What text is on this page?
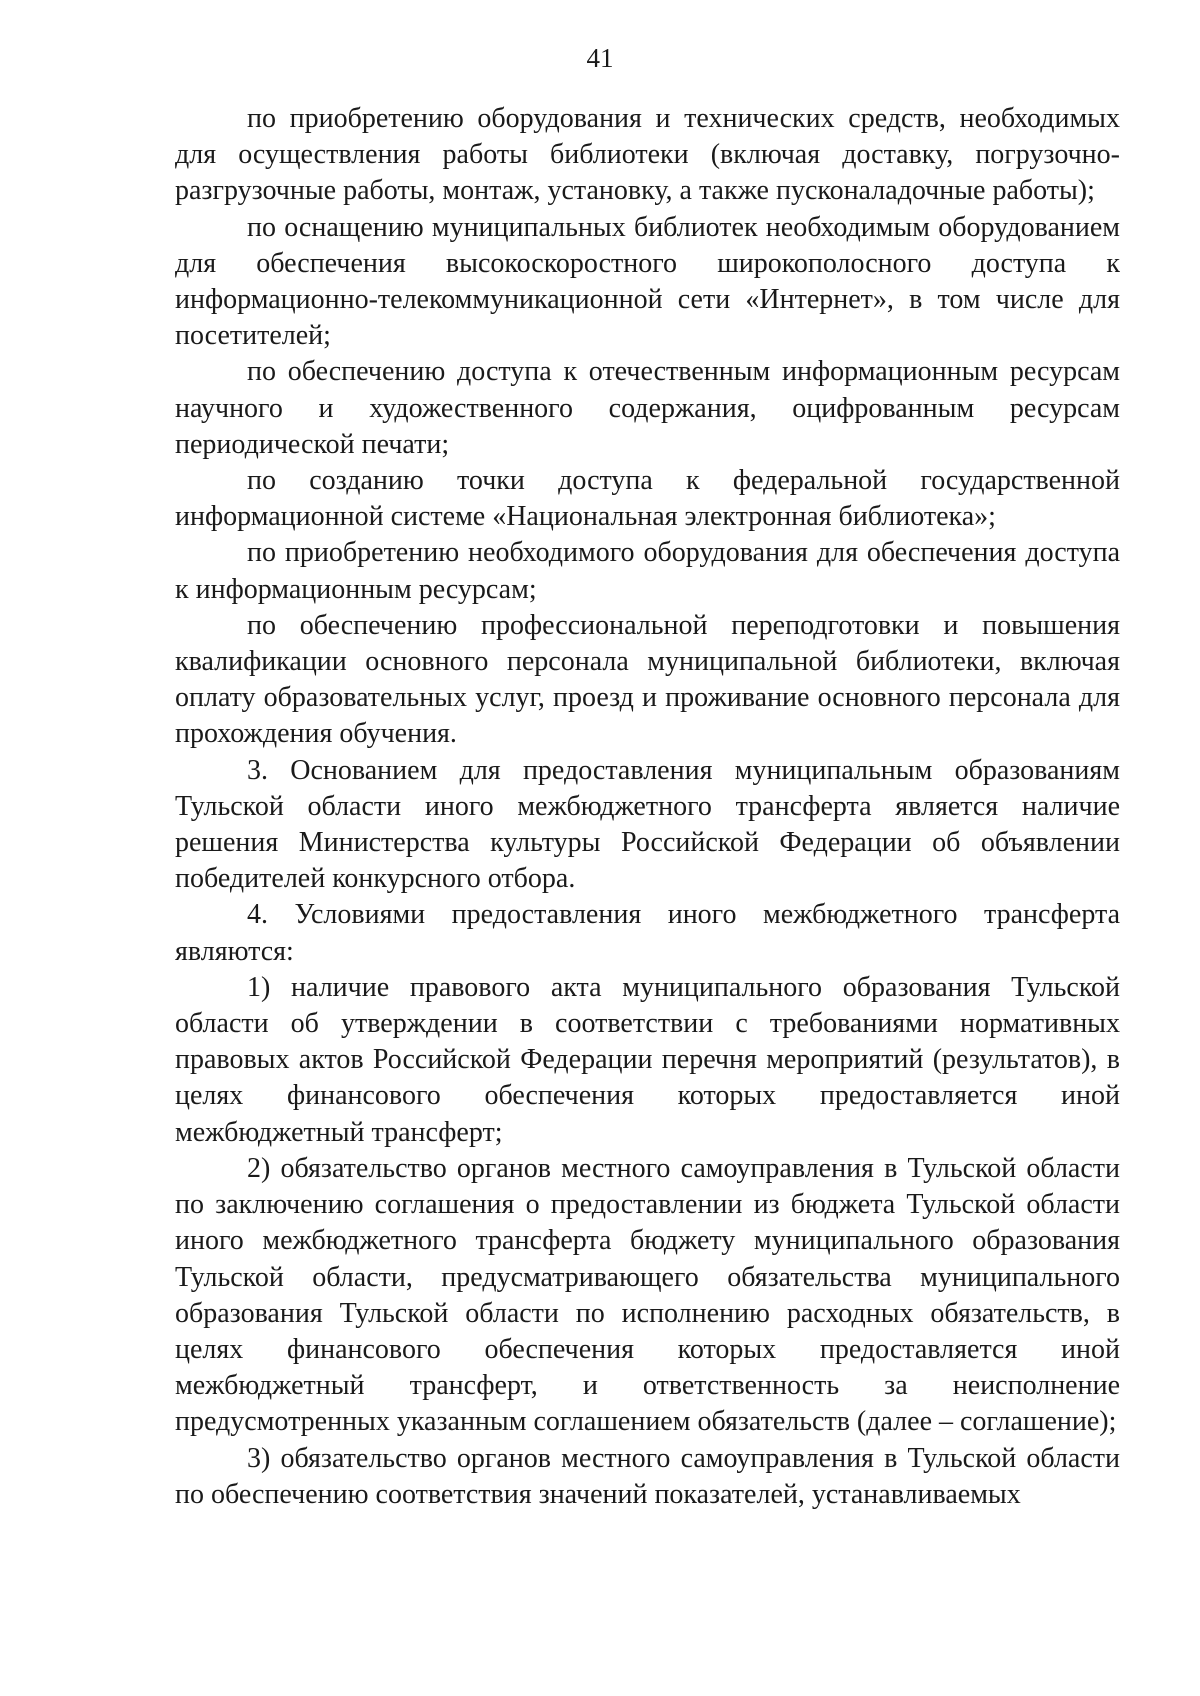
41

по приобретению оборудования и технических средств, необходимых для осуществления работы библиотеки (включая доставку, погрузочно-разгрузочные работы, монтаж, установку, а также пусконаладочные работы);

по оснащению муниципальных библиотек необходимым оборудованием для обеспечения высокоскоростного широкополосного доступа к информационно-телекоммуникационной сети «Интернет», в том числе для посетителей;

по обеспечению доступа к отечественным информационным ресурсам научного и художественного содержания, оцифрованным ресурсам периодической печати;

по созданию точки доступа к федеральной государственной информационной системе «Национальная электронная библиотека»;

по приобретению необходимого оборудования для обеспечения доступа к информационным ресурсам;

по обеспечению профессиональной переподготовки и повышения квалификации основного персонала муниципальной библиотеки, включая оплату образовательных услуг, проезд и проживание основного персонала для прохождения обучения.

3. Основанием для предоставления муниципальным образованиям Тульской области иного межбюджетного трансферта является наличие решения Министерства культуры Российской Федерации об объявлении победителей конкурсного отбора.

4. Условиями предоставления иного межбюджетного трансферта являются:

1) наличие правового акта муниципального образования Тульской области об утверждении в соответствии с требованиями нормативных правовых актов Российской Федерации перечня мероприятий (результатов), в целях финансового обеспечения которых предоставляется иной межбюджетный трансферт;

2) обязательство органов местного самоуправления в Тульской области по заключению соглашения о предоставлении из бюджета Тульской области иного межбюджетного трансферта бюджету муниципального образования Тульской области, предусматривающего обязательства муниципального образования Тульской области по исполнению расходных обязательств, в целях финансового обеспечения которых предоставляется иной межбюджетный трансферт, и ответственность за неисполнение предусмотренных указанным соглашением обязательств (далее – соглашение);

3) обязательство органов местного самоуправления в Тульской области по обеспечению соответствия значений показателей, устанавливаемых
